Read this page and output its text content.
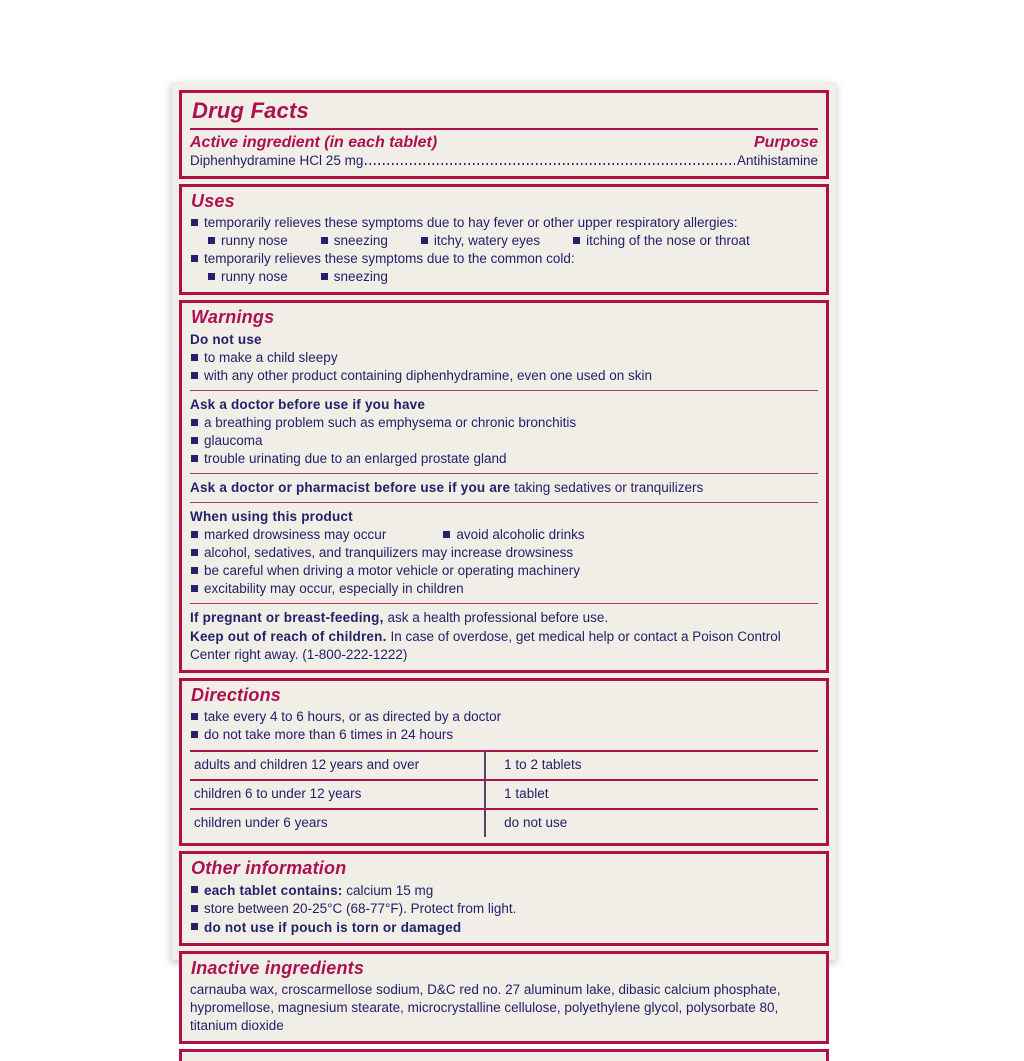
Drug Facts
Active ingredient (in each tablet)	Purpose
Diphenhydramine HCl 25 mg	Antihistamine
Uses
temporarily relieves these symptoms due to hay fever or other upper respiratory allergies:
runny nose	sneezing	itchy, watery eyes	itching of the nose or throat
temporarily relieves these symptoms due to the common cold:
runny nose	sneezing
Warnings
Do not use
to make a child sleepy
with any other product containing diphenhydramine, even one used on skin
Ask a doctor before use if you have
a breathing problem such as emphysema or chronic bronchitis
glaucoma
trouble urinating due to an enlarged prostate gland

Ask a doctor or pharmacist before use if you are taking sedatives or tranquilizers

When using this product
marked drowsiness may occur	avoid alcoholic drinks
alcohol, sedatives, and tranquilizers may increase drowsiness
be careful when driving a motor vehicle or operating machinery
excitability may occur, especially in children

If pregnant or breast-feeding, ask a health professional before use.

Keep out of reach of children. In case of overdose, get medical help or contact a Poison Control Center right away. (1-800-222-1222)

Directions
take every 4 to 6 hours, or as directed by a doctor
do not take more than 6 times in 24 hours
adults and children 12 years and over	1 to 2 tablets
children 6 to under 12 years	1 tablet
children under 6 years	do not use
Other information
each tablet contains: calcium 15 mg
store between 20-25°C (68-77°F). Protect from light.
do not use if pouch is torn or damaged
Inactive ingredients

carnauba wax, croscarmellose sodium, D&C red no. 27 aluminum lake, dibasic calcium phosphate, hypromellose, magnesium stearate, microcrystalline cellulose, polyethylene glycol, polysorbate 80, titanium dioxide
